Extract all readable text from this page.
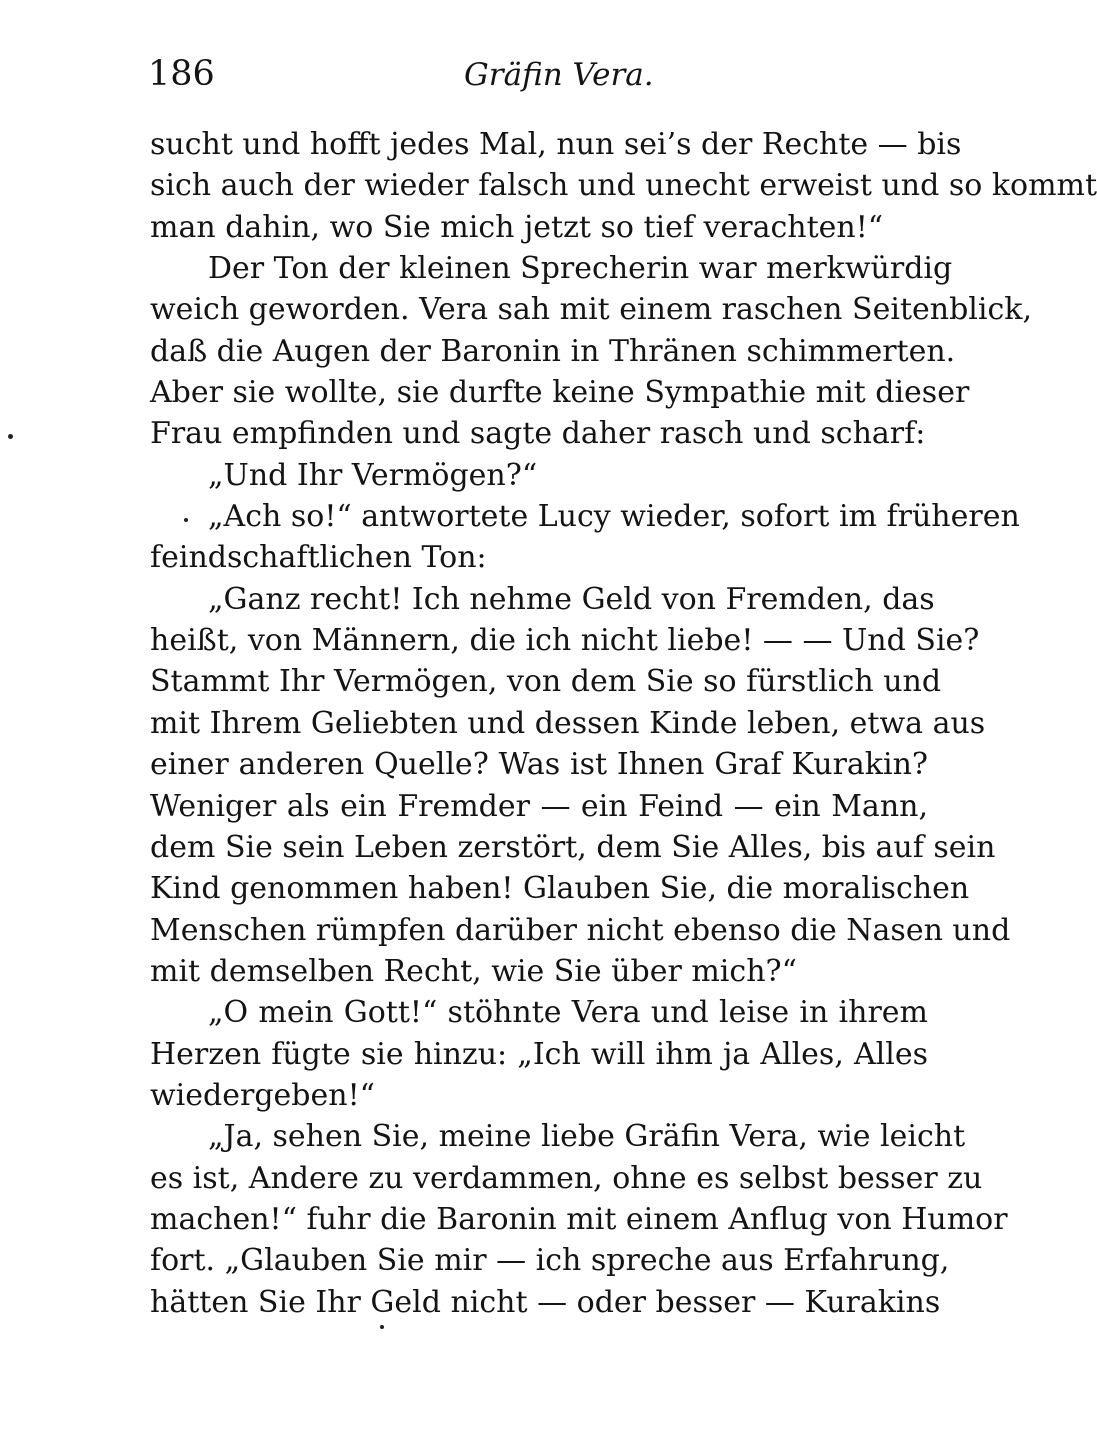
186	Gräfin Vera.
sucht und hofft jedes Mal, nun sei’s der Rechte — bis
sich auch der wieder falsch und unecht erweist und so kommt
man dahin, wo Sie mich jetzt so tief verachten!“
Der Ton der kleinen Sprecherin war merkwürdig
weich geworden. Vera sah mit einem raschen Seitenblick,
daß die Augen der Baronin in Thränen schimmerten.
Aber sie wollte, sie durfte keine Sympathie mit dieser
Frau empfinden und sagte daher rasch und scharf:
„Und Ihr Vermögen?“
„Ach so!“ antwortete Lucy wieder, sofort im früheren
feindschaftlichen Ton:
„Ganz recht! Ich nehme Geld von Fremden, das
heißt, von Männern, die ich nicht liebe! — — Und Sie?
Stammt Ihr Vermögen, von dem Sie so fürstlich und
mit Ihrem Geliebten und dessen Kinde leben, etwa aus
einer anderen Quelle? Was ist Ihnen Graf Kurakin?
Weniger als ein Fremder — ein Feind — ein Mann,
dem Sie sein Leben zerstört, dem Sie Alles, bis auf sein
Kind genommen haben! Glauben Sie, die moralischen
Menschen rümpfen darüber nicht ebenso die Nasen und
mit demselben Recht, wie Sie über mich?“
„O mein Gott!“ stöhnte Vera und leise in ihrem
Herzen fügte sie hinzu: „Ich will ihm ja Alles, Alles
wiedergeben!“
„Ja, sehen Sie, meine liebe Gräfin Vera, wie leicht
es ist, Andere zu verdammen, ohne es selbst besser zu
machen!“ fuhr die Baronin mit einem Anflug von Humor
fort. „Glauben Sie mir — ich spreche aus Erfahrung,
hätten Sie Ihr Geld nicht — oder besser — Kurakins
